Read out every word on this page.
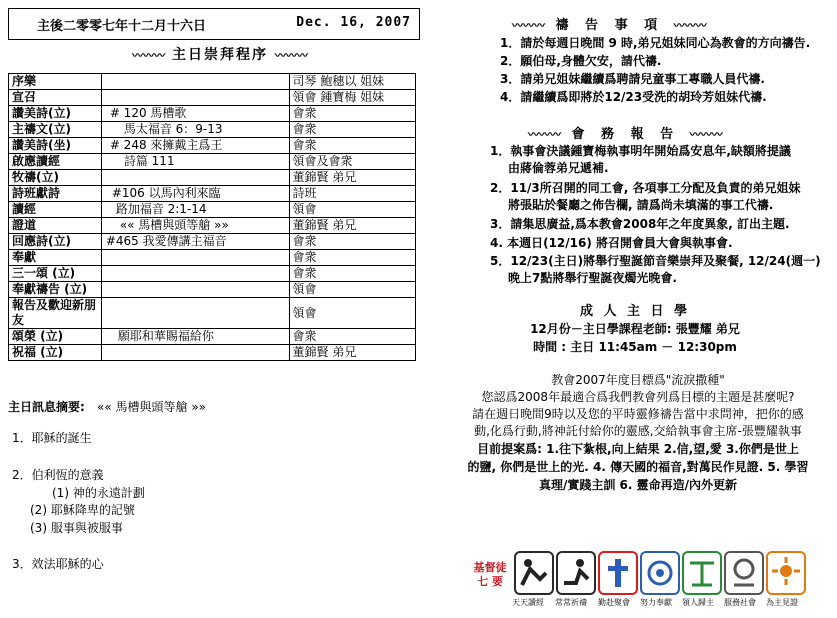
主後二零零七年十二月十六日	Dec. 16, 2007
〰〰〰 主日崇拜程序 〰〰〰
序樂		司琴 鮑穗以 姐妹
宣召		領會 鍾寶梅 姐妹
讚美詩(立)	# 120 馬槽歌	會衆
主禱文(立)	馬太福音 6：9-13	會衆
讚美詩(坐)	# 248 來擁戴主爲王	會衆
啟應讀經	詩篇 111	領會及會衆
牧禱(立)		董錦賢 弟兄
詩班獻詩	#106 以馬內利來臨	詩班
讀經	路加福音 2:1-14	領會
證道	«« 馬槽與頭等艙 »»	董錦賢 弟兄
回應詩(立)	#465 我愛傳講主福音	會衆
奉獻		會衆
三一頌 (立)		會衆
奉獻禱告 (立)		領會
報告及歡迎新朋友		領會
頌榮 (立)	願耶和華賜福給你	會衆
祝福 (立)		董錦賢 弟兄
主日訊息摘要: «« 馬槽與頭等艙 »»
1．耶穌的誕生
2．伯利恆的意義
(1) 神的永遠計劃
(2) 耶穌降卑的記號
(3) 服事與被服事
3．效法耶穌的心
〰〰〰 禱 告 事 項 〰〰〰
1．請於每週日晚間 9 時,弟兄姐妹同心為教會的方向禱告.
2．願伯母,身體欠安，請代禱.
3．請弟兄姐妹繼續爲聘請兒童事工專職人員代禱.
4．請繼續爲即將於12/23受洗的胡玲芳姐妹代禱.
〰〰〰 會 務 報 告 〰〰〰
1．執事會決議鍾寶梅執事明年開始爲安息年,缺額將提議
由蔣倫蓉弟兄遞補.
2．11/3所召開的同工會, 各項事工分配及負責的弟兄姐妹
將張貼於餐廳之佈告欄, 請爲尚未填滿的事工代禱.
3．請集思廣益,爲本教會2008年之年度異象, 訂出主題.
4. 本週日(12/16) 將召開會員大會與執事會.
5．12/23(主日)將舉行聖誕節音樂崇拜及聚餐, 12/24(週一)
晚上7點將舉行聖誕夜燭光晚會.
成 人 主 日 學
12月份－主日學課程老師: 張豐耀 弟兄
時間 : 主日 11:45am － 12:30pm
教會2007年度目標爲"流淚撒種"
您認爲2008年最適合爲我們教會列爲目標的主題是甚麼呢?
請在週日晚間9時以及您的平時靈修禱告當中求問神，把你的感
動,化爲行動,將神託付給你的靈感,交給執事會主席-張豐耀執事
目前提案爲: 1.往下紮根,向上結果 2.信,望,愛 3.你們是世上
的鹽, 你們是世上的光. 4. 傳天國的福音,對萬民作見證. 5. 學習
真理/實踐主訓 6. 靈命再造/內外更新
基督徒
七 要
天天讀經 常常祈禱 勤赴聚會 努力奉獻 領人歸主 服務社會 為主見證
